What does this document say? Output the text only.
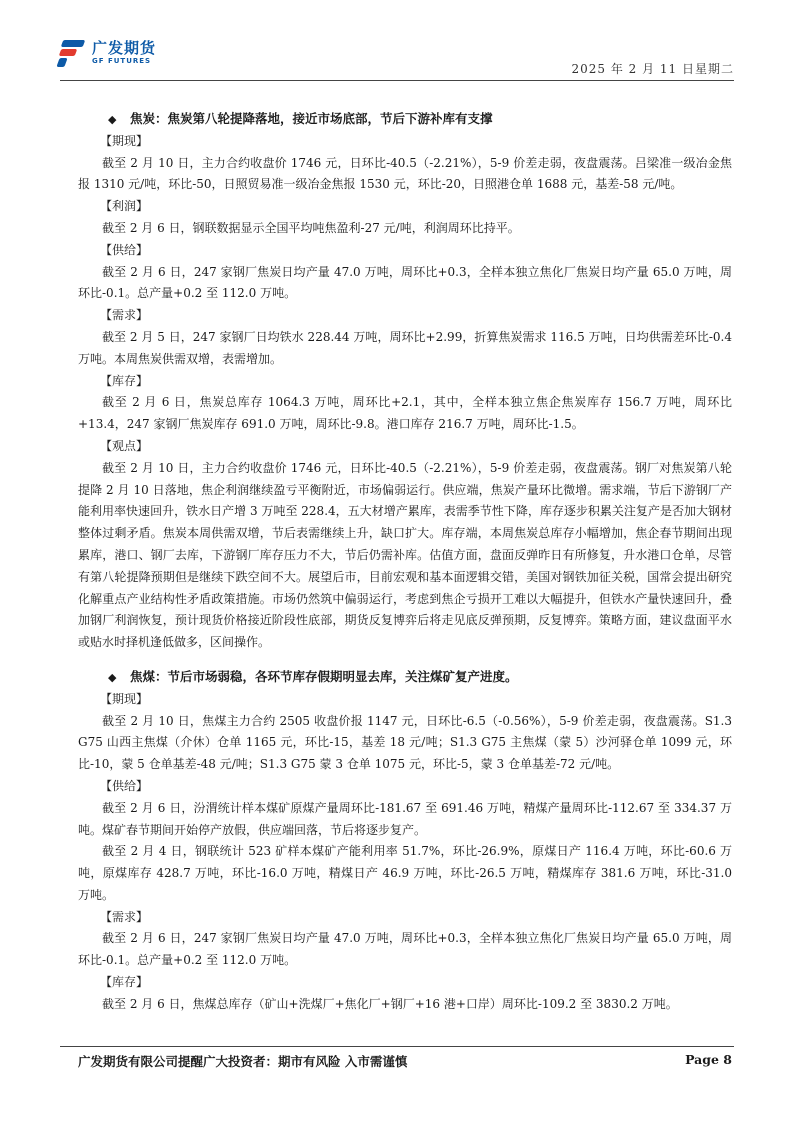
广发期货
GF FUTURES
2025 年 2 月 11 日星期二
◆ 焦炭：焦炭第八轮提降落地，接近市场底部，节后下游补库有支撑
【期现】

截至 2 月 10 日，主力合约收盘价 1746 元，日环比-40.5（-2.21%），5-9 价差走弱，夜盘震荡。吕梁准一级冶金焦报 1310 元/吨，环比-50，日照贸易准一级冶金焦报 1530 元，环比-20，日照港仓单 1688 元，基差-58 元/吨。

【利润】

截至 2 月 6 日，钢联数据显示全国平均吨焦盈利-27 元/吨，利润周环比持平。

【供给】

截至 2 月 6 日，247 家钢厂焦炭日均产量 47.0 万吨，周环比+0.3，全样本独立焦化厂焦炭日均产量 65.0 万吨，周环比-0.1。总产量+0.2 至 112.0 万吨。

【需求】

截至 2 月 5 日，247 家钢厂日均铁水 228.44 万吨，周环比+2.99，折算焦炭需求 116.5 万吨，日均供需差环比-0.4 万吨。本周焦炭供需双增，表需增加。

【库存】

截至 2 月 6 日，焦炭总库存 1064.3 万吨，周环比+2.1，其中，全样本独立焦企焦炭库存 156.7 万吨，周环比+13.4，247 家钢厂焦炭库存 691.0 万吨，周环比-9.8。港口库存 216.7 万吨，周环比-1.5。

【观点】

截至 2 月 10 日，主力合约收盘价 1746 元，日环比-40.5（-2.21%），5-9 价差走弱，夜盘震荡。钢厂对焦炭第八轮提降 2 月 10 日落地，焦企利润继续盈亏平衡附近，市场偏弱运行。供应端，焦炭产量环比微增。需求端，节后下游钢厂产能利用率快速回升，铁水日产增 3 万吨至 228.4，五大材增产累库，表需季节性下降，库存逐步积累关注复产是否加大钢材整体过剩矛盾。焦炭本周供需双增，节后表需继续上升，缺口扩大。库存端，本周焦炭总库存小幅增加，焦企春节期间出现累库，港口、钢厂去库，下游钢厂库存压力不大，节后仍需补库。估值方面，盘面反弹昨日有所修复，升水港口仓单，尽管有第八轮提降预期但是继续下跌空间不大。展望后市，目前宏观和基本面逻辑交错，美国对钢铁加征关税，国常会提出研究化解重点产业结构性矛盾政策措施。市场仍然筑中偏弱运行，考虑到焦企亏损开工难以大幅提升，但铁水产量快速回升，叠加钢厂利润恢复，预计现货价格接近阶段性底部，期货反复博弈后将走见底反弹预期，反复博弈。策略方面，建议盘面平水或贴水时择机逢低做多，区间操作。

◆ 焦煤：节后市场弱稳，各环节库存假期明显去库，关注煤矿复产进度。
【期现】

截至 2 月 10 日，焦煤主力合约 2505 收盘价报 1147 元，日环比-6.5（-0.56%），5-9 价差走弱，夜盘震荡。S1.3 G75 山西主焦煤（介休）仓单 1165 元，环比-15，基差 18 元/吨；S1.3 G75 主焦煤（蒙 5）沙河驿仓单 1099 元，环比-10，蒙 5 仓单基差-48 元/吨；S1.3 G75 蒙 3 仓单 1075 元，环比-5，蒙 3 仓单基差-72 元/吨。

【供给】

截至 2 月 6 日，汾渭统计样本煤矿原煤产量周环比-181.67 至 691.46 万吨，精煤产量周环比-112.67 至 334.37 万吨。煤矿春节期间开始停产放假，供应端回落，节后将逐步复产。

截至 2 月 4 日，钢联统计 523 矿样本煤矿产能利用率 51.7%，环比-26.9%，原煤日产 116.4 万吨，环比-60.6 万吨，原煤库存 428.7 万吨，环比-16.0 万吨，精煤日产 46.9 万吨，环比-26.5 万吨，精煤库存 381.6 万吨，环比-31.0 万吨。

【需求】

截至 2 月 6 日，247 家钢厂焦炭日均产量 47.0 万吨，周环比+0.3，全样本独立焦化厂焦炭日均产量 65.0 万吨，周环比-0.1。总产量+0.2 至 112.0 万吨。

【库存】

截至 2 月 6 日，焦煤总库存（矿山+洗煤厂+焦化厂+钢厂+16 港+口岸）周环比-109.2 至 3830.2 万吨。

广发期货有限公司提醒广大投资者：期市有风险 入市需谨慎	Page 8
